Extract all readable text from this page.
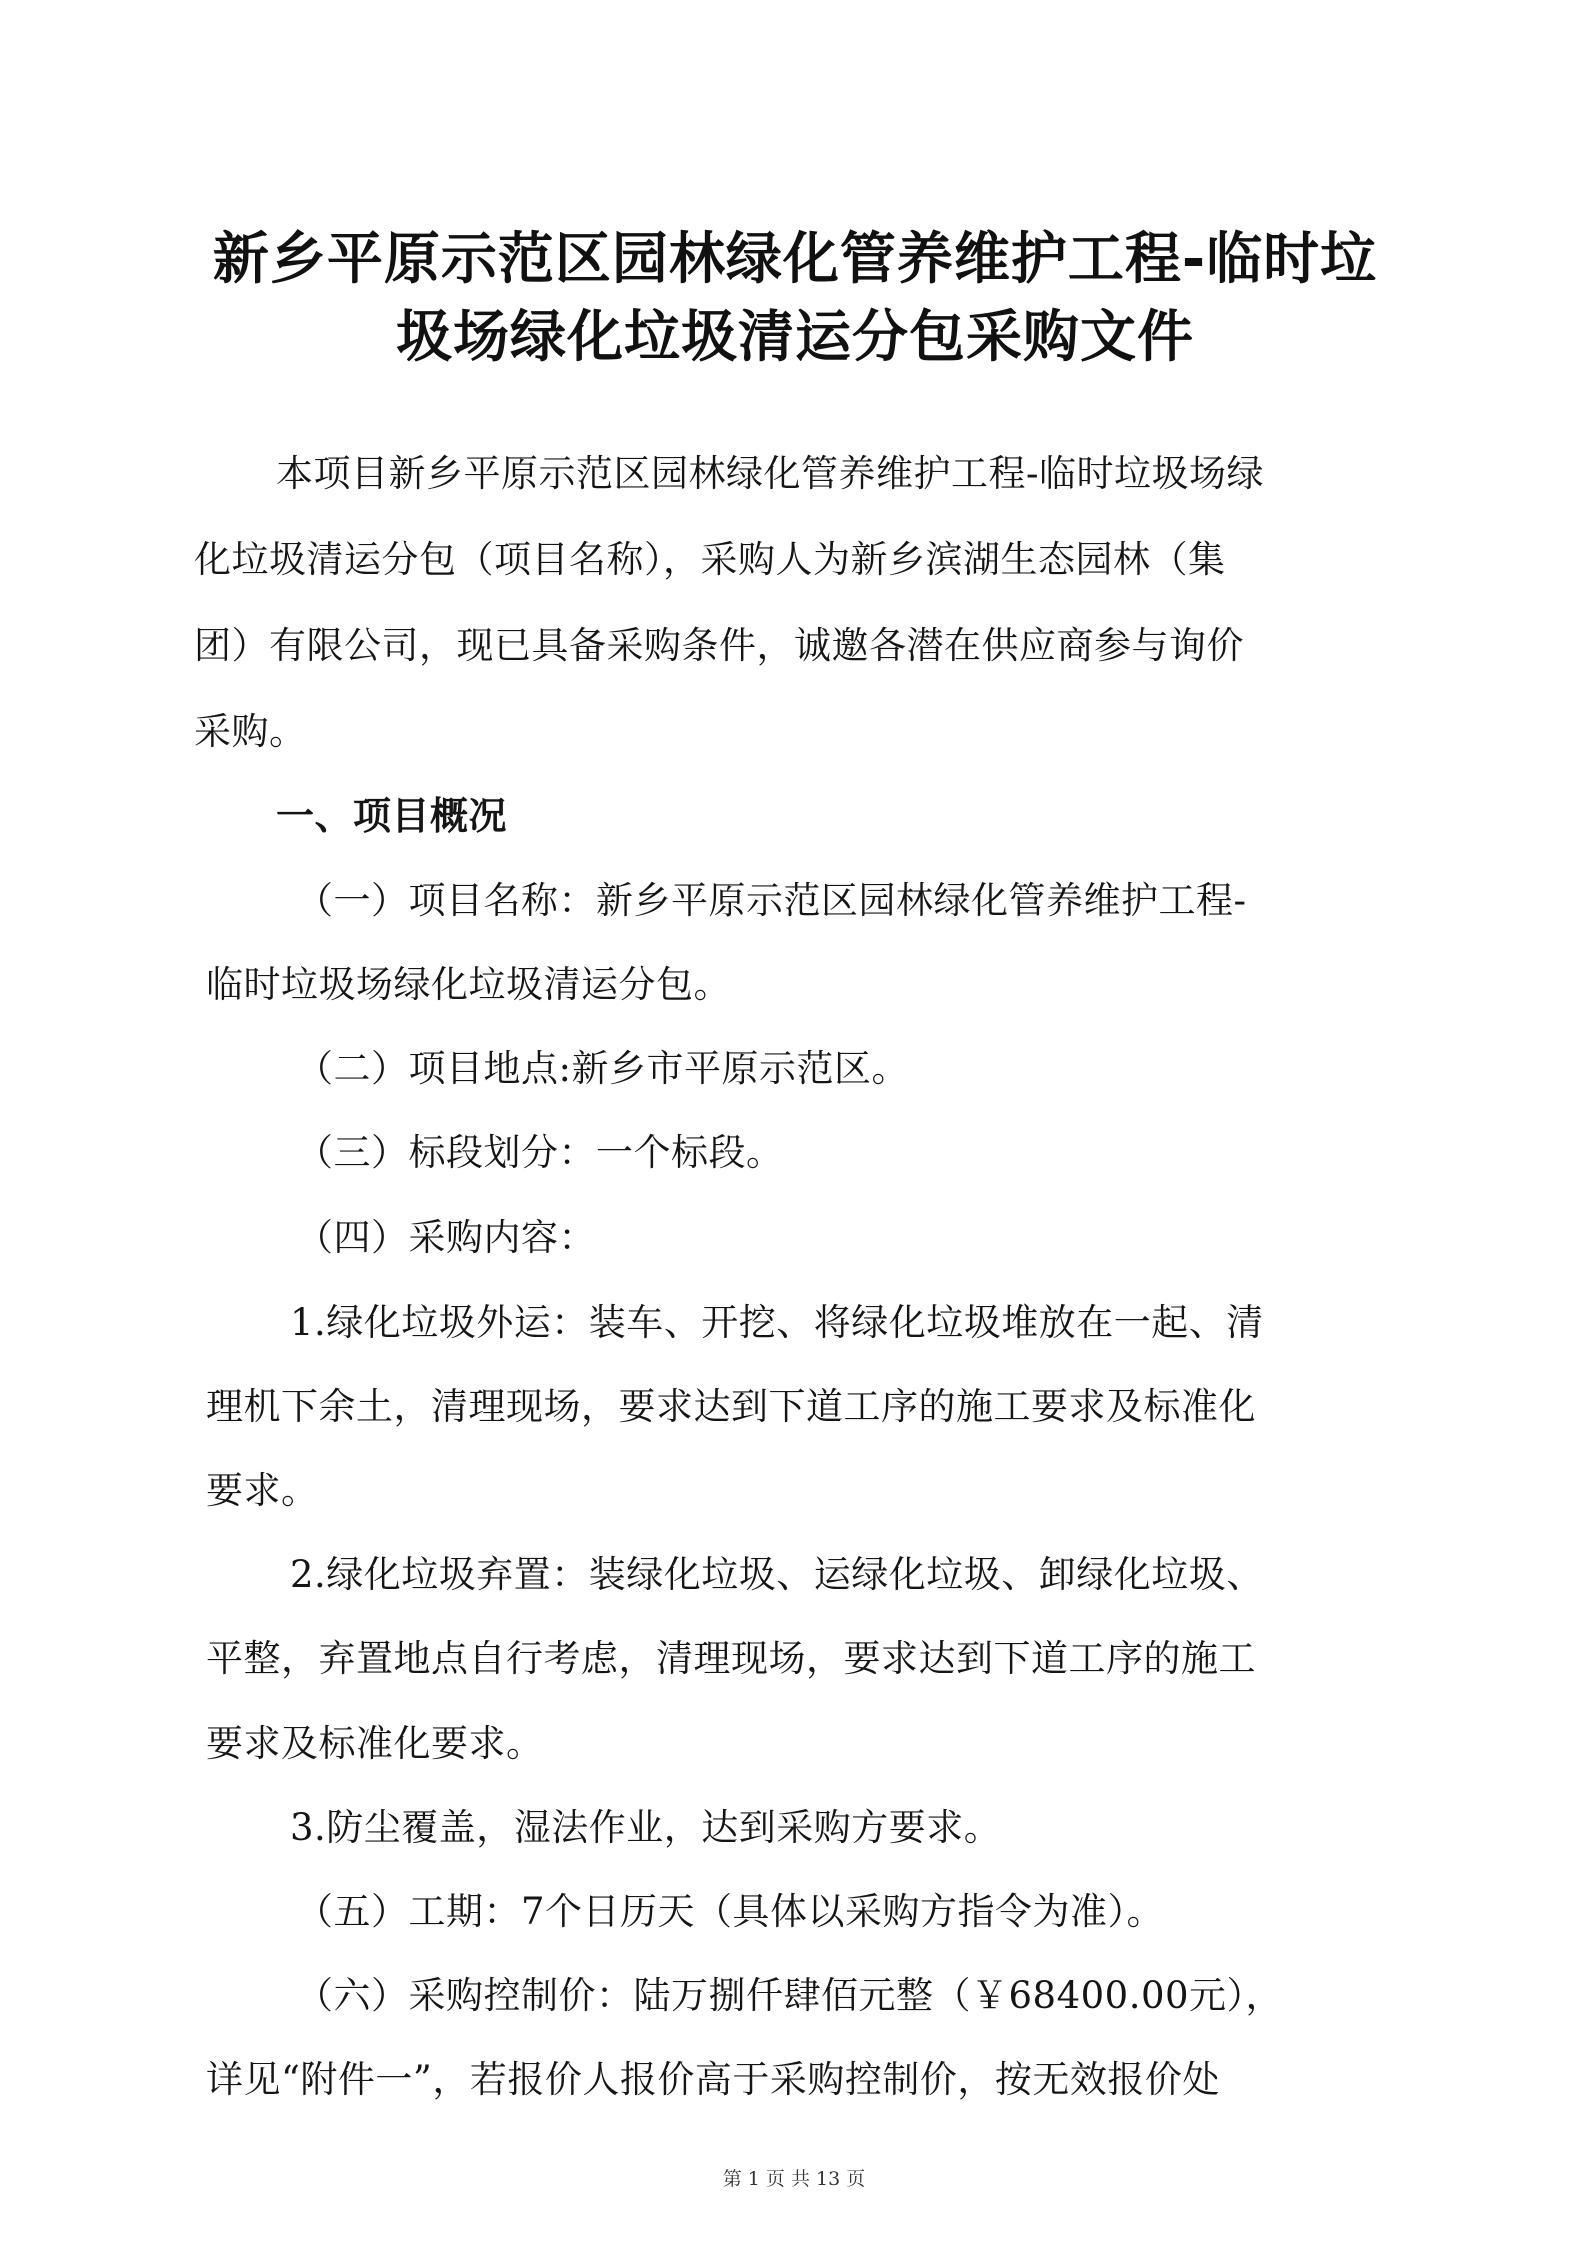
新乡平原示范区园林绿化管养维护工程-临时垃
圾场绿化垃圾清运分包采购文件
本项目新乡平原示范区园林绿化管养维护工程-临时垃圾场绿
化垃圾清运分包（项目名称），采购人为新乡滨湖生态园林（集
团）有限公司，现已具备采购条件，诚邀各潜在供应商参与询价
采购。
一、项目概况
（一）项目名称：新乡平原示范区园林绿化管养维护工程-
临时垃圾场绿化垃圾清运分包。
（二）项目地点:新乡市平原示范区。
（三）标段划分：一个标段。
（四）采购内容：
1.绿化垃圾外运：装车、开挖、将绿化垃圾堆放在一起、清
理机下余土，清理现场，要求达到下道工序的施工要求及标准化
要求。
2.绿化垃圾弃置：装绿化垃圾、运绿化垃圾、卸绿化垃圾、
平整，弃置地点自行考虑，清理现场，要求达到下道工序的施工
要求及标准化要求。
3.防尘覆盖，湿法作业，达到采购方要求。
（五）工期：7个日历天（具体以采购方指令为准）。
（六）采购控制价：陆万捌仟肆佰元整（￥68400.00元），
详见“附件一”，若报价人报价高于采购控制价，按无效报价处
第 1 页 共 13 页
